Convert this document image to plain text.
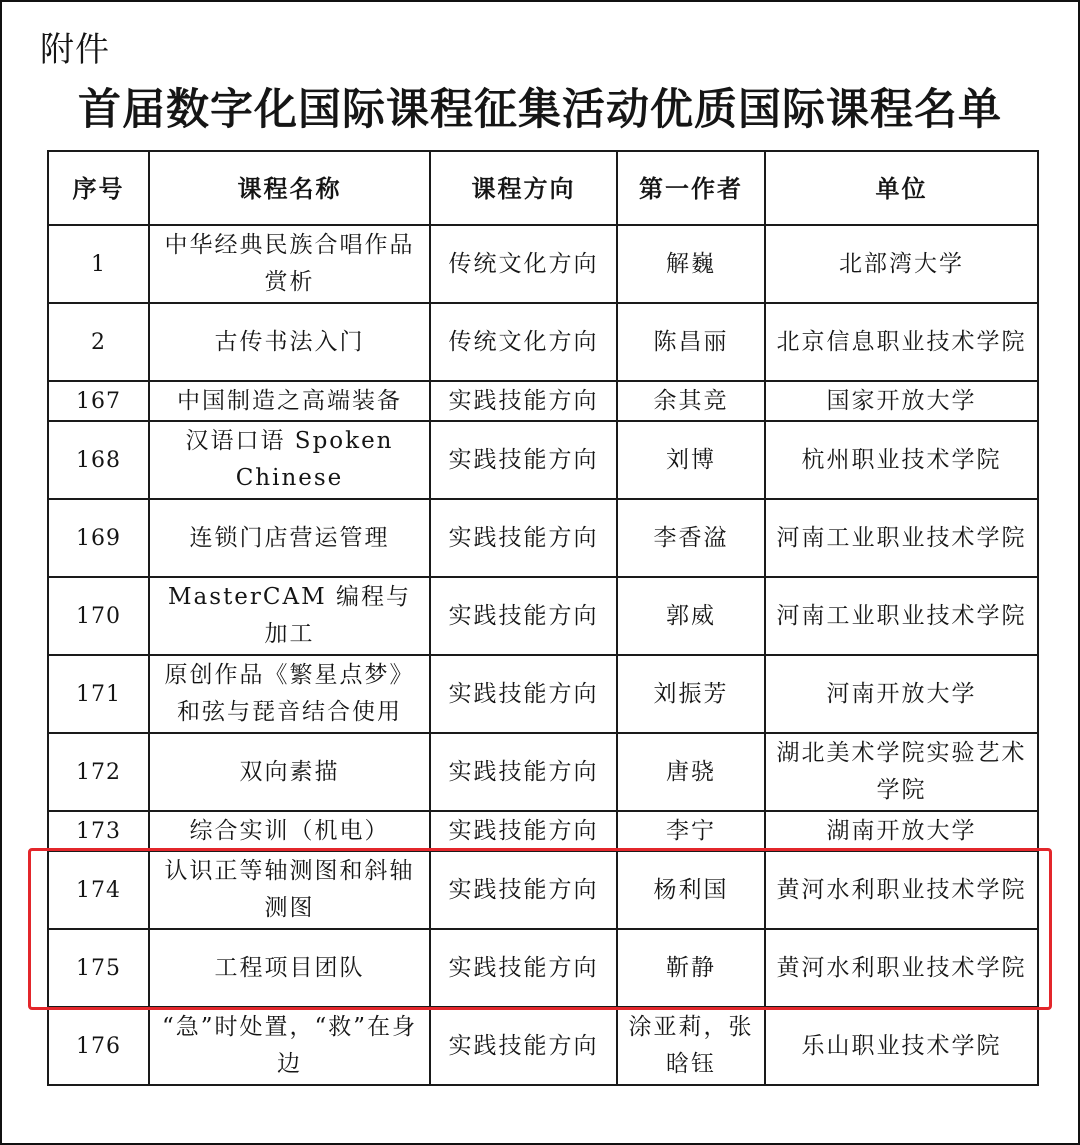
附件
首届数字化国际课程征集活动优质国际课程名单
序号	课程名称	课程方向	第一作者	单位
1	中华经典民族合唱作品赏析	传统文化方向	解巍	北部湾大学
2	古传书法入门	传统文化方向	陈昌丽	北京信息职业技术学院
167	中国制造之高端装备	实践技能方向	余其竞	国家开放大学
168	汉语口语 Spoken Chinese	实践技能方向	刘博	杭州职业技术学院
169	连锁门店营运管理	实践技能方向	李香湓	河南工业职业技术学院
170	MasterCAM 编程与加工	实践技能方向	郭威	河南工业职业技术学院
171	原创作品《繁星点梦》和弦与琵音结合使用	实践技能方向	刘振芳	河南开放大学
172	双向素描	实践技能方向	唐骁	湖北美术学院实验艺术学院
173	综合实训（机电）	实践技能方向	李宁	湖南开放大学
174	认识正等轴测图和斜轴测图	实践技能方向	杨利国	黄河水利职业技术学院
175	工程项目团队	实践技能方向	靳静	黄河水利职业技术学院
176	“急”时处置，“救”在身边	实践技能方向	涂亚莉，张晗钰	乐山职业技术学院
